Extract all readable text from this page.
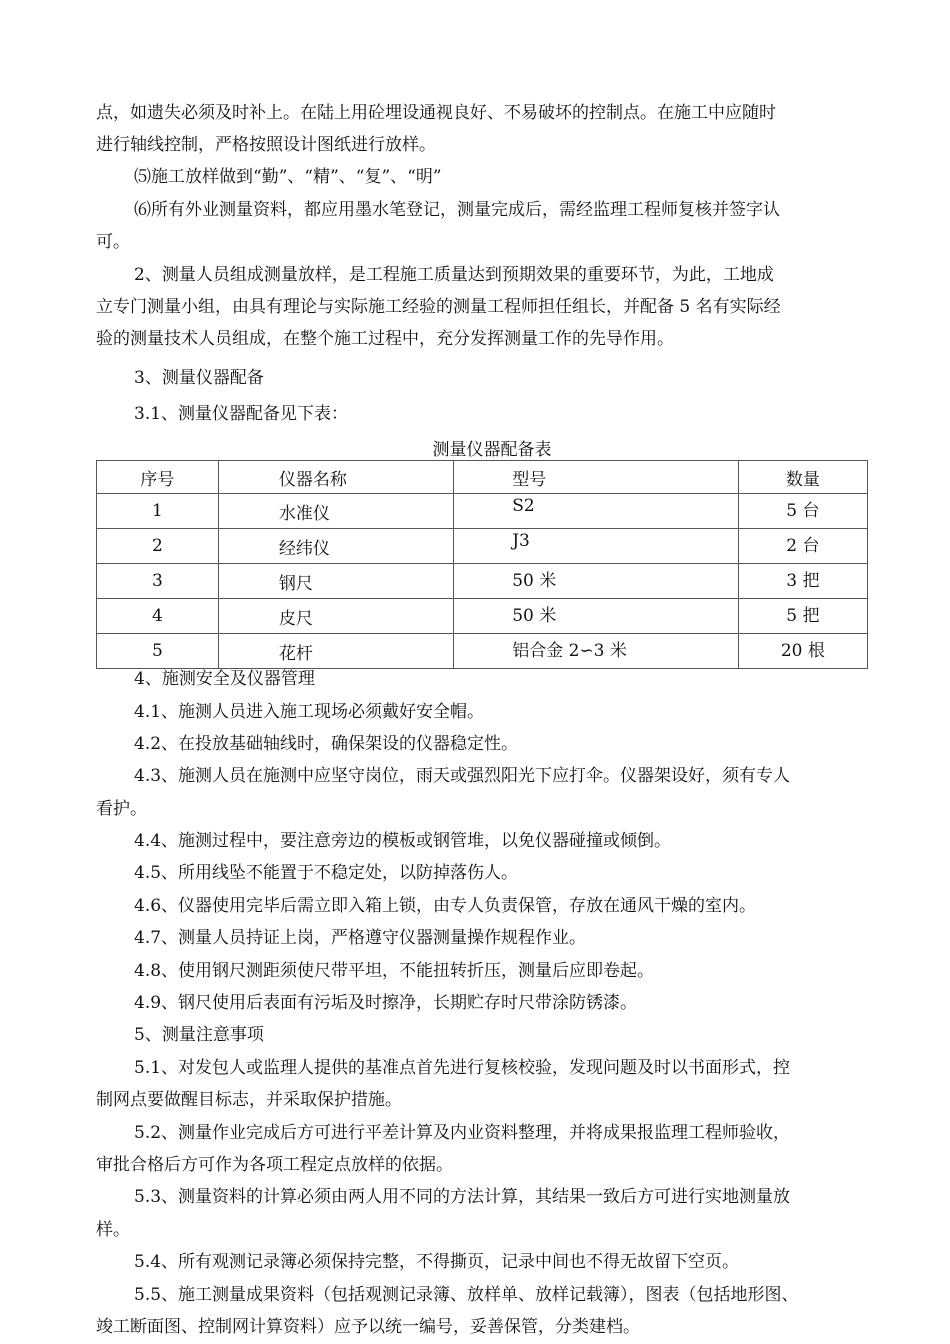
点，如遗失必须及时补上。在陆上用砼埋设通视良好、不易破坏的控制点。在施工中应随时
进行轴线控制，严格按照设计图纸进行放样。
⑸施工放样做到“勤”、“精”、“复”、“明”
⑹所有外业测量资料，都应用墨水笔登记，测量完成后，需经监理工程师复核并签字认
可。
2、测量人员组成测量放样，是工程施工质量达到预期效果的重要环节，为此，工地成
立专门测量小组，由具有理论与实际施工经验的测量工程师担任组长，并配备 5 名有实际经
验的测量技术人员组成，在整个施工过程中，充分发挥测量工作的先导作用。
3、测量仪器配备
3.1、测量仪器配备见下表：
测量仪器配备表
序号	仪器名称	型号	数量
1	水准仪	S2	5 台
2	经纬仪	J3	2 台
3	钢尺	50 米	3 把
4	皮尺	50 米	5 把
5	花杆	铝合金 2∽3 米	20 根
4、施测安全及仪器管理
4.1、施测人员进入施工现场必须戴好安全帽。
4.2、在投放基础轴线时，确保架设的仪器稳定性。
4.3、施测人员在施测中应坚守岗位，雨天或强烈阳光下应打伞。仪器架设好，须有专人
看护。
4.4、施测过程中，要注意旁边的模板或钢管堆，以免仪器碰撞或倾倒。
4.5、所用线坠不能置于不稳定处，以防掉落伤人。
4.6、仪器使用完毕后需立即入箱上锁，由专人负责保管，存放在通风干燥的室内。
4.7、测量人员持证上岗，严格遵守仪器测量操作规程作业。
4.8、使用钢尺测距须使尺带平坦，不能扭转折压，测量后应即卷起。
4.9、钢尺使用后表面有污垢及时擦净，长期贮存时尺带涂防锈漆。
5、测量注意事项
5.1、对发包人或监理人提供的基准点首先进行复核校验，发现问题及时以书面形式，控
制网点要做醒目标志，并采取保护措施。
5.2、测量作业完成后方可进行平差计算及内业资料整理，并将成果报监理工程师验收，
审批合格后方可作为各项工程定点放样的依据。
5.3、测量资料的计算必须由两人用不同的方法计算，其结果一致后方可进行实地测量放
样。
5.4、所有观测记录簿必须保持完整，不得撕页，记录中间也不得无故留下空页。
5.5、施工测量成果资料（包括观测记录簿、放样单、放样记载簿），图表（包括地形图、
竣工断面图、控制网计算资料）应予以统一编号，妥善保管，分类建档。
